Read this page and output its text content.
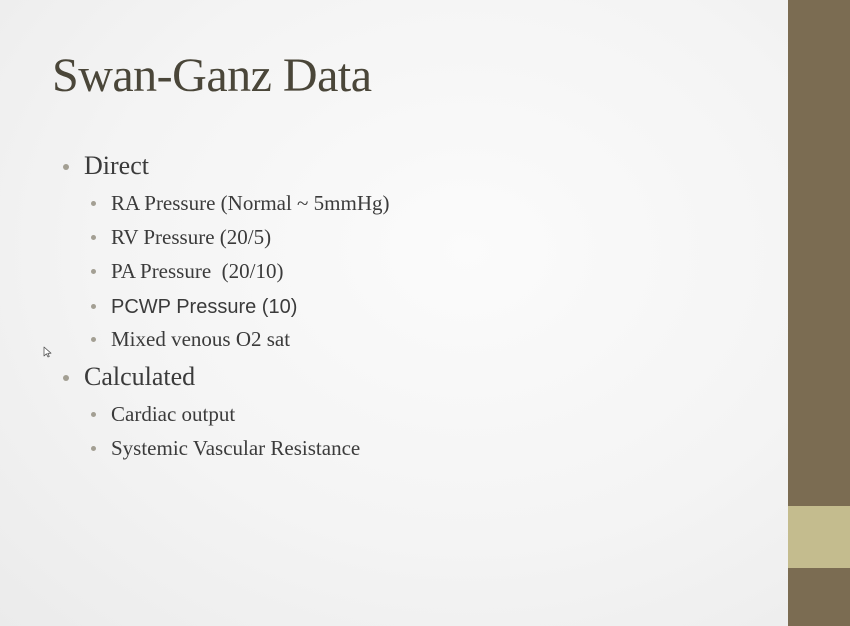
Swan-Ganz Data
Direct
RA Pressure (Normal ~ 5mmHg)
RV Pressure (20/5)
PA Pressure  (20/10)
PCWP Pressure (10)
Mixed venous O2 sat
Calculated
Cardiac output
Systemic Vascular Resistance
